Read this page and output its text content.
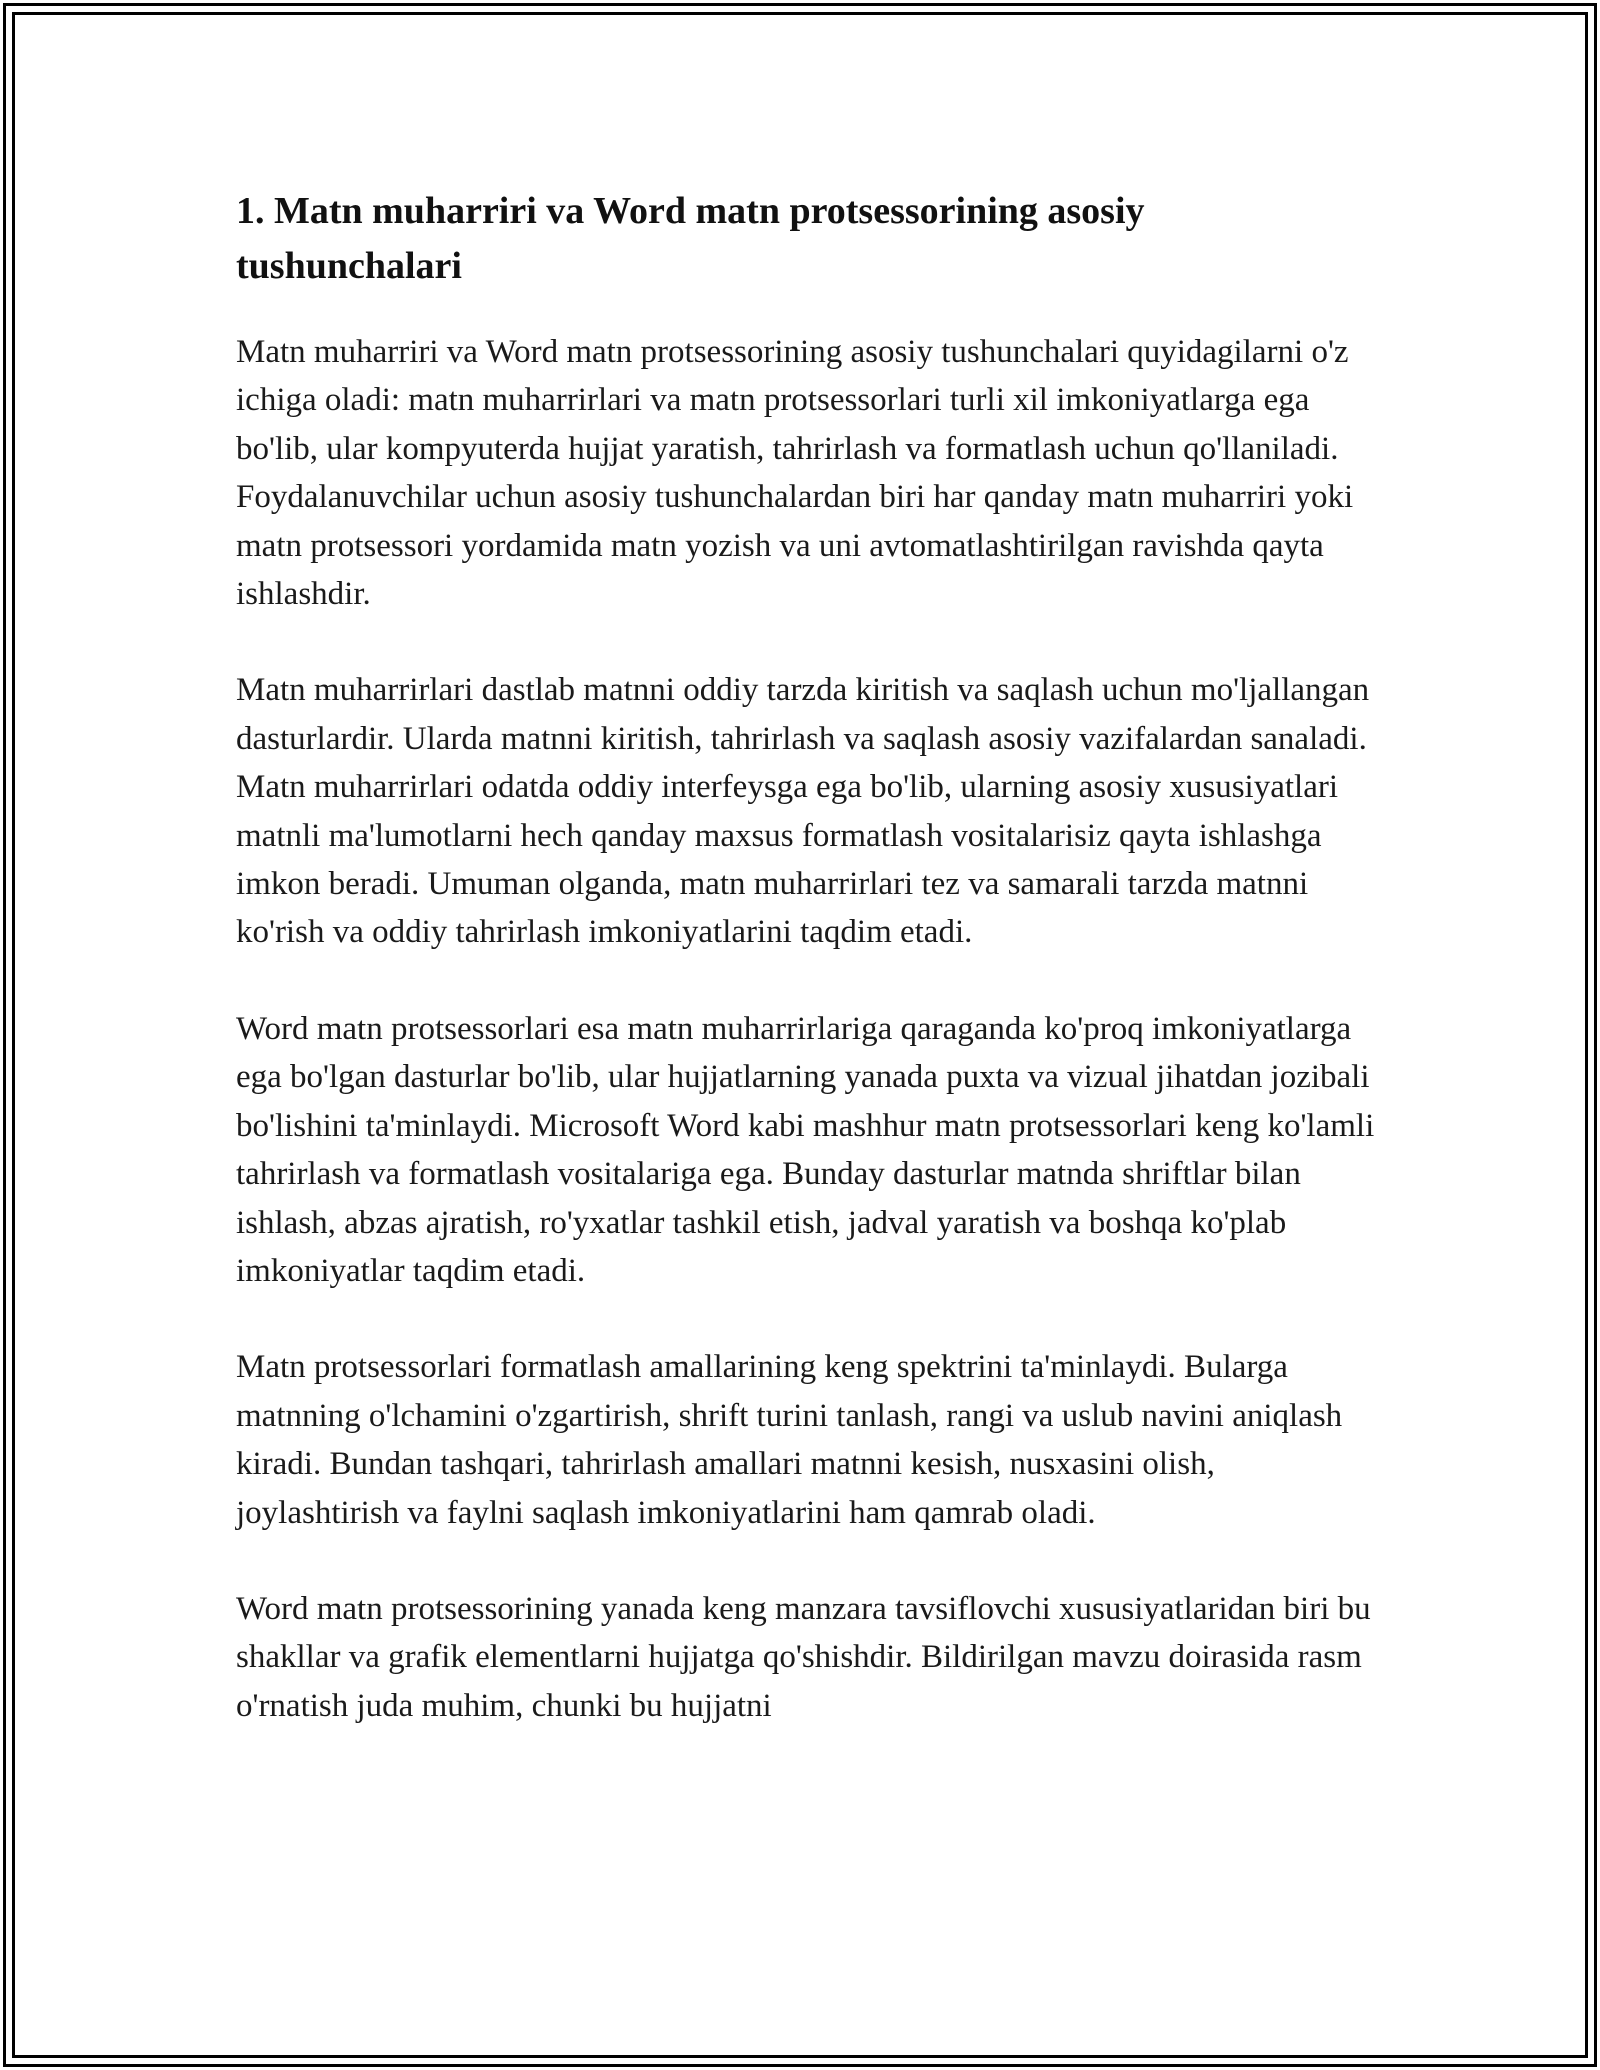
1. Matn muharriri va Word matn protsessorining asosiy tushunchalari

Matn muharriri va Word matn protsessorining asosiy tushunchalari quyidagilarni o'z ichiga oladi: matn muharrirlari va matn protsessorlari turli xil imkoniyatlarga ega bo'lib, ular kompyuterda hujjat yaratish, tahrirlash va formatlash uchun qo'llaniladi. Foydalanuvchilar uchun asosiy tushunchalardan biri har qanday matn muharriri yoki matn protsessori yordamida matn yozish va uni avtomatlashtirilgan ravishda qayta ishlashdir.

Matn muharrirlari dastlab matnni oddiy tarzda kiritish va saqlash uchun mo'ljallangan dasturlardir. Ularda matnni kiritish, tahrirlash va saqlash asosiy vazifalardan sanaladi. Matn muharrirlari odatda oddiy interfeysga ega bo'lib, ularning asosiy xususiyatlari matnli ma'lumotlarni hech qanday maxsus formatlash vositalarisiz qayta ishlashga imkon beradi. Umuman olganda, matn muharrirlari tez va samarali tarzda matnni ko'rish va oddiy tahrirlash imkoniyatlarini taqdim etadi.

Word matn protsessorlari esa matn muharrirlariga qaraganda ko'proq imkoniyatlarga ega bo'lgan dasturlar bo'lib, ular hujjatlarning yanada puxta va vizual jihatdan jozibali bo'lishini ta'minlaydi. Microsoft Word kabi mashhur matn protsessorlari keng ko'lamli tahrirlash va formatlash vositalariga ega. Bunday dasturlar matnda shriftlar bilan ishlash, abzas ajratish, ro'yxatlar tashkil etish, jadval yaratish va boshqa ko'plab imkoniyatlar taqdim etadi.

Matn protsessorlari formatlash amallarining keng spektrini ta'minlaydi. Bularga matnning o'lchamini o'zgartirish, shrift turini tanlash, rangi va uslub navini aniqlash kiradi. Bundan tashqari, tahrirlash amallari matnni kesish, nusxasini olish, joylashtirish va faylni saqlash imkoniyatlarini ham qamrab oladi.

Word matn protsessorining yanada keng manzara tavsiflovchi xususiyatlaridan biri bu shakllar va grafik elementlarni hujjatga qo'shishdir. Bildirilgan mavzu doirasida rasm o'rnatish juda muhim, chunki bu hujjatni
